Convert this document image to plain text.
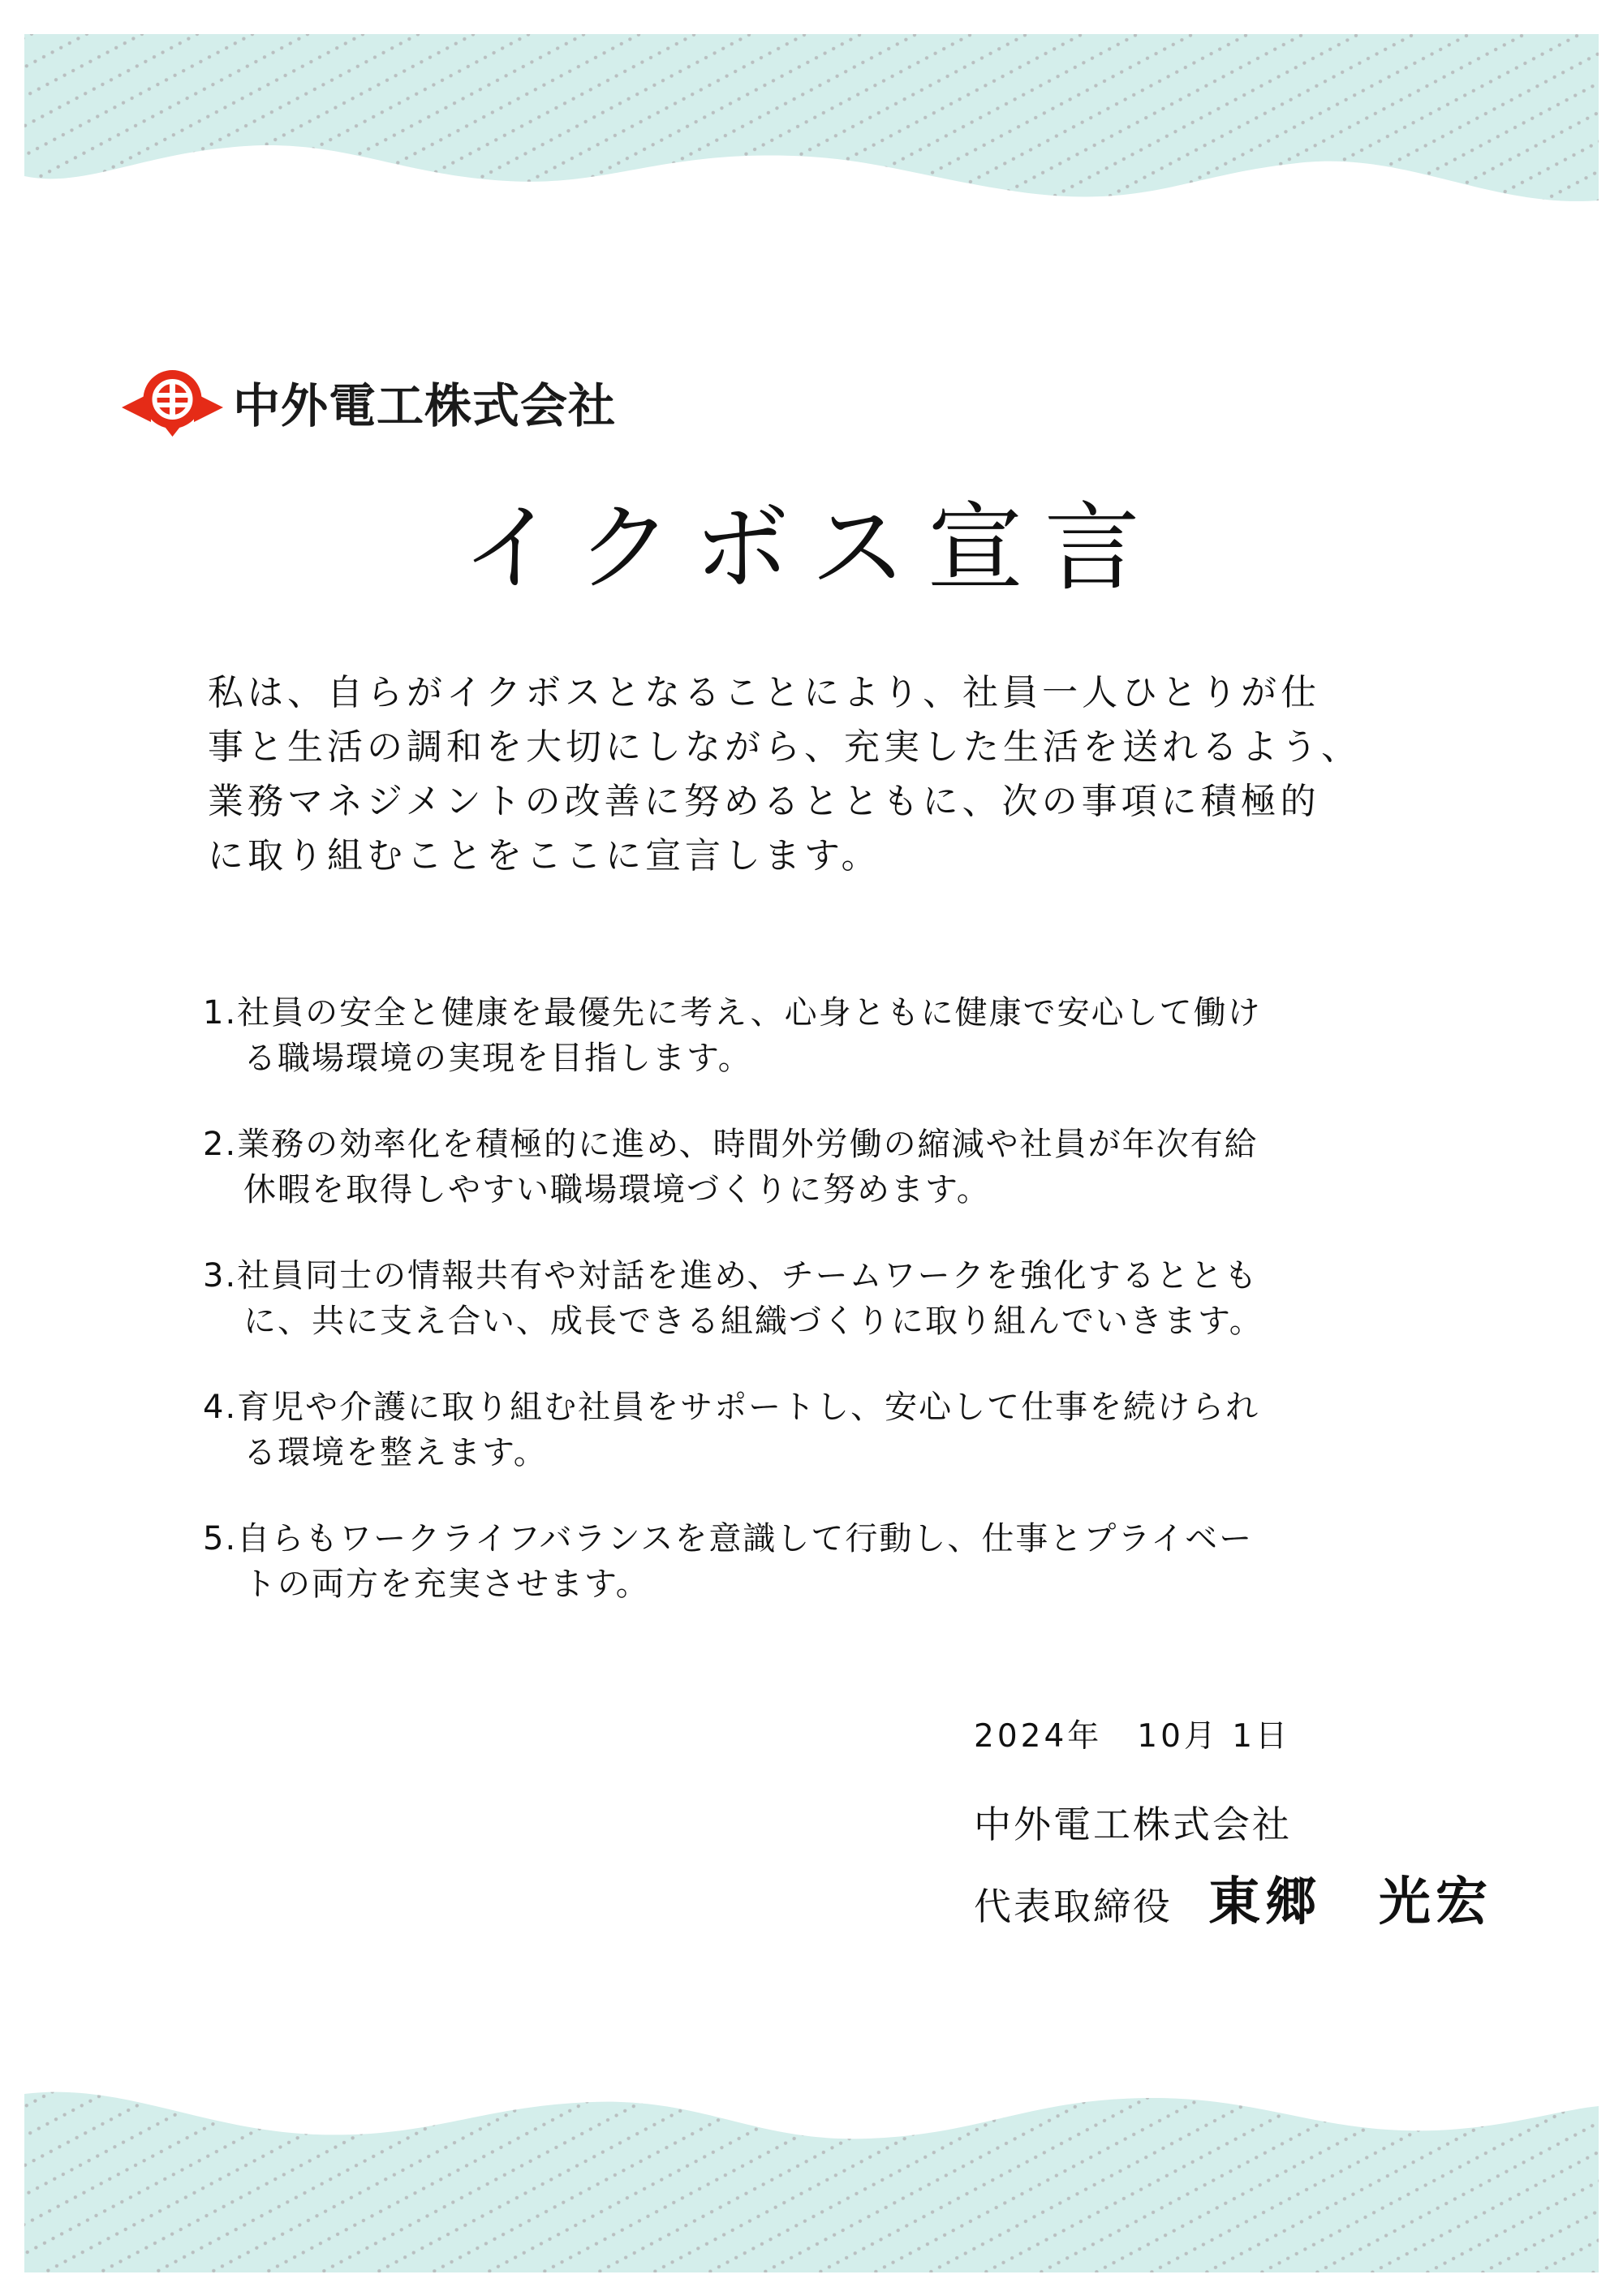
中外電工株式会社
イクボス宣言

私は、自らがイクボスとなることにより、社員一人ひとりが仕
事と生活の調和を大切にしながら、充実した生活を送れるよう、
業務マネジメントの改善に努めるとともに、次の事項に積極的
に取り組むことをここに宣言します。

1.社員の安全と健康を最優先に考え、心身ともに健康で安心して働け
る職場環境の実現を目指します。
2.業務の効率化を積極的に進め、時間外労働の縮減や社員が年次有給
休暇を取得しやすい職場環境づくりに努めます。
3.社員同士の情報共有や対話を進め、チームワークを強化するととも
に、共に支え合い、成長できる組織づくりに取り組んでいきます。
4.育児や介護に取り組む社員をサポートし、安心して仕事を続けられ
る環境を整えます。
5.自らもワークライフバランスを意識して行動し、仕事とプライベー
トの両方を充実させます。
2024年　10月 1日
中外電工株式会社
代表取締役 東郷　光宏
